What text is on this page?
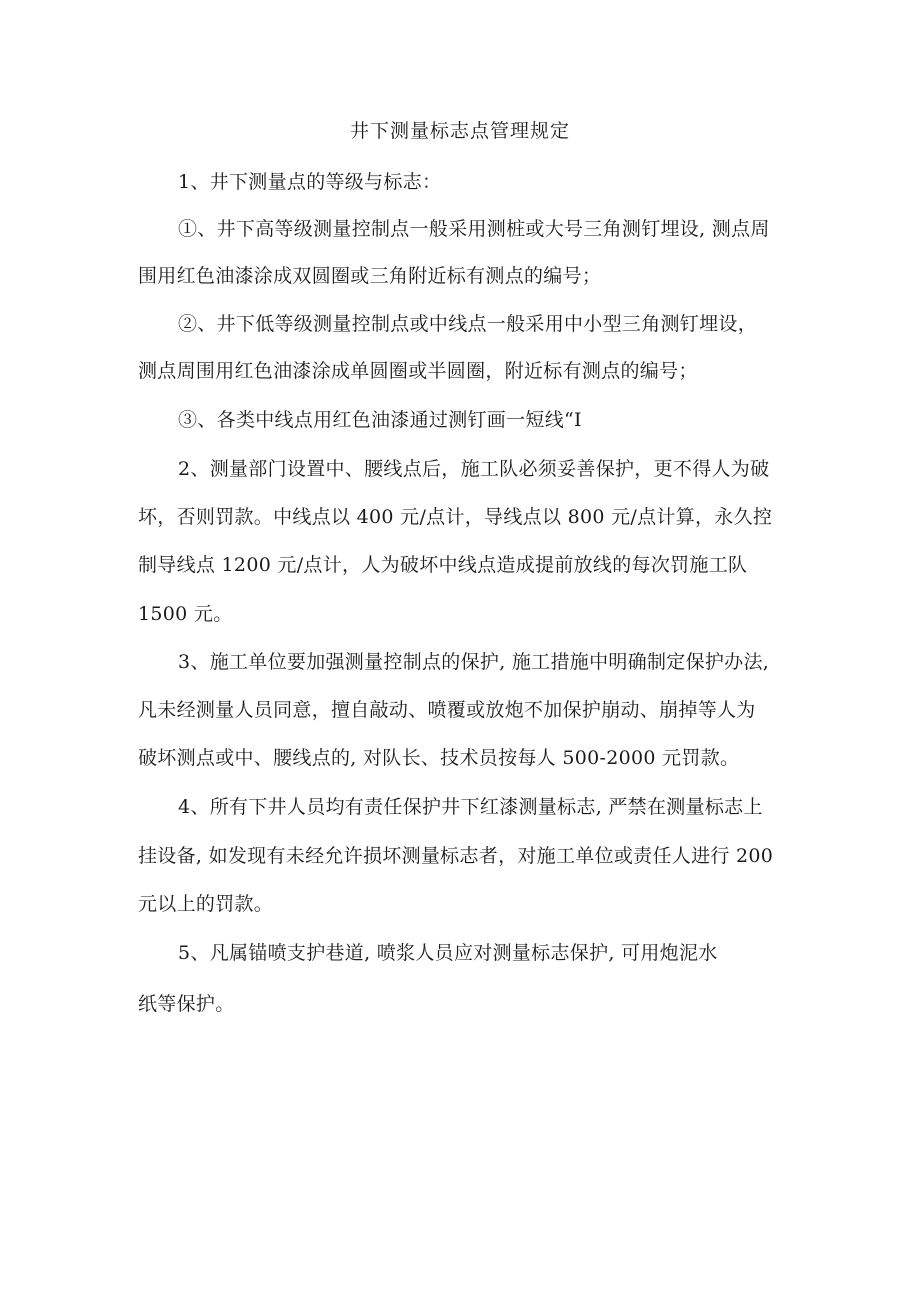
井下测量标志点管理规定
1、井下测量点的等级与标志：
①、井下高等级测量控制点一般采用测桩或大号三角测钉埋设, 测点周
围用红色油漆涂成双圆圈或三角附近标有测点的编号；
②、井下低等级测量控制点或中线点一般采用中小型三角测钉埋设，
测点周围用红色油漆涂成单圆圈或半圆圈，附近标有测点的编号；
③、各类中线点用红色油漆通过测钉画一短线“I
2、测量部门设置中、腰线点后，施工队必须妥善保护，更不得人为破
坏，否则罚款。中线点以 400 元/点计，导线点以 800 元/点计算，永久控
制导线点 1200 元/点计，人为破坏中线点造成提前放线的每次罚施工队
1500 元。
3、施工单位要加强测量控制点的保护, 施工措施中明确制定保护办法,
凡未经测量人员同意，擅自敲动、喷覆或放炮不加保护崩动、崩掉等人为
破坏测点或中、腰线点的, 对队长、技术员按每人 500-2000 元罚款。
4、所有下井人员均有责任保护井下红漆测量标志, 严禁在测量标志上
挂设备, 如发现有未经允许损坏测量标志者，对施工单位或责任人进行 200
元以上的罚款。
5、凡属锚喷支护巷道, 喷浆人员应对测量标志保护, 可用炮泥水
纸等保护。
